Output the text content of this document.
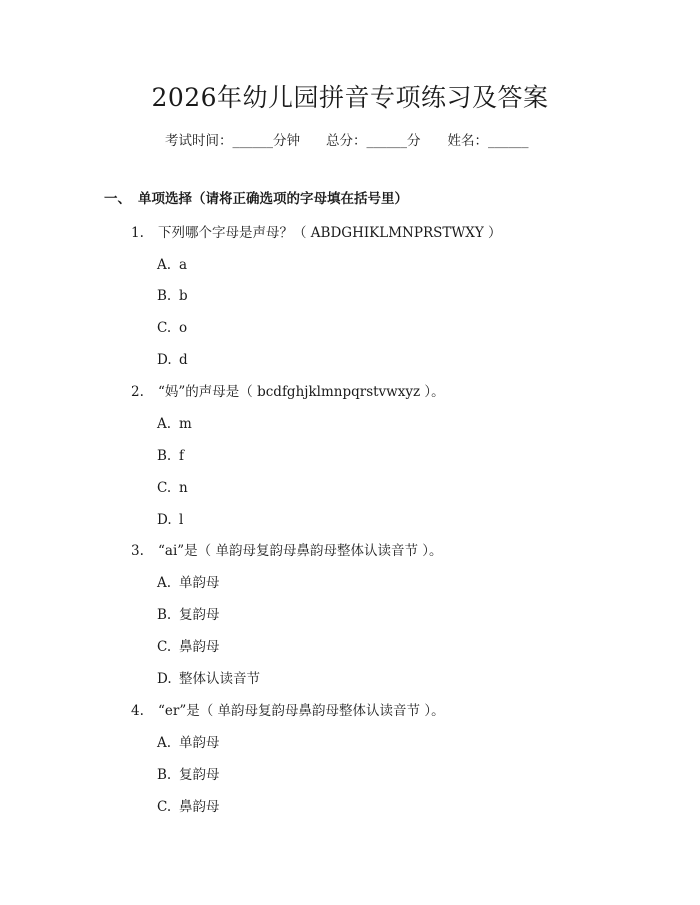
2026年幼儿园拼音专项练习及答案
考试时间：______分钟 总分：______分 姓名：______
一、 单项选择（请将正确选项的字母填在括号里）
1. 下列哪个字母是声母？（ ABDGHIKLMNPRSTWXY ）
A. a
B. b
C. o
D. d
2. “妈”的声母是（ bcdfghjklmnpqrstvwxyz ）。
A. m
B. f
C. n
D. l
3. “ai”是（ 单韵母复韵母鼻韵母整体认读音节 ）。
A. 单韵母
B. 复韵母
C. 鼻韵母
D. 整体认读音节
4. “er”是（ 单韵母复韵母鼻韵母整体认读音节 ）。
A. 单韵母
B. 复韵母
C. 鼻韵母
